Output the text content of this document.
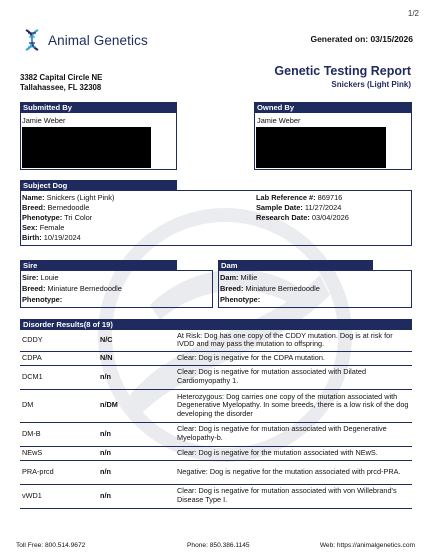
1/2
Animal Genetics	Generated on: 03/15/2026
3382 Capital Circle NE
Tallahassee, FL 32308
Genetic Testing Report
Snickers (Light Pink)
Submitted By
Jamie Weber
Owned By
Jamie Weber
Subject Dog
Name: Snickers (Light Pink)
Breed: Bernedoodle
Phenotype: Tri Color
Sex: Female
Birth: 10/19/2024
Lab Reference #: 869716
Sample Date: 11/27/2024
Research Date: 03/04/2026
Sire
Sire: Louie
Breed: Miniature Bernedoodle
Phenotype:
Dam
Dam: Millie
Breed: Miniature Bernedoodle
Phenotype:
Disorder Results(8 of 19)
CDDY	N/C	At Risk: Dog has one copy of the CDDY mutation. Dog is at risk for IVDD and may pass the mutation to offspring.
CDPA	N/N	Clear: Dog is negative for the CDPA mutation.
DCM1	n/n	Clear: Dog is negative for mutation associated with Dilated Cardiomyopathy 1.
DM	n/DM	Heterozygous: Dog carries one copy of the mutation associated with Degenerative Myelopathy. In some breeds, there is a low risk of the dog developing the disorder
DM-B	n/n	Clear: Dog is negative for mutation associated with Degenerative Myelopathy-b.
NEwS	n/n	Clear: Dog is negative for the mutation associated with NEwS.
PRA-prcd	n/n	Negative: Dog is negative for the mutation associated with prcd-PRA.
vWD1	n/n	Clear: Dog is negative for mutation associated with von Willebrand's Disease Type I.
Toll Free: 800.514.9672	Phone: 850.386.1145	Web: https://animalgenetics.com
